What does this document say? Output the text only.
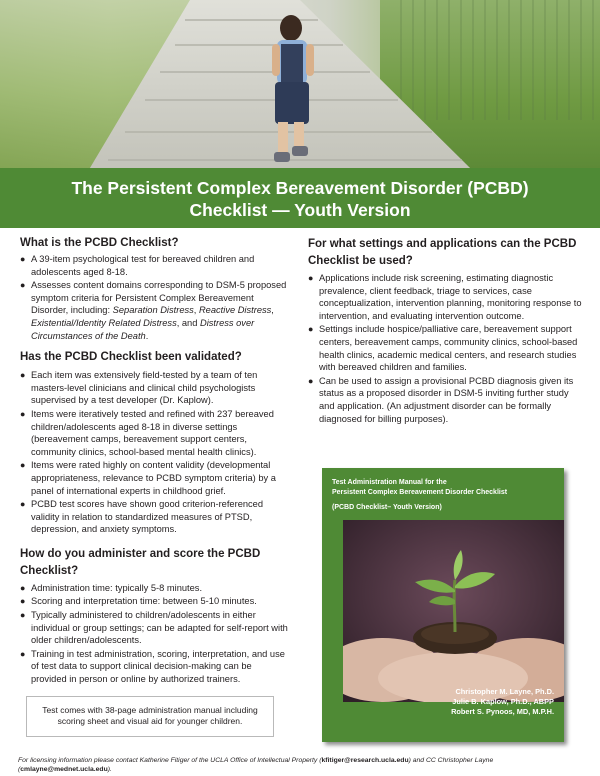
The Persistent Complex Bereavement Disorder (PCBD)
Checklist — Youth Version
What is the PCBD Checklist?
● A 39-item psychological test for bereaved children and adolescents aged 8-18.
● Assesses content domains corresponding to DSM-5 proposed symptom criteria for Persistent Complex Bereavement Disorder, including: Separation Distress, Reactive Distress, Existential/Identity Related Distress, and Distress over Circumstances of the Death.
Has the PCBD Checklist been validated?
● Each item was extensively field-tested by a team of ten masters-level clinicians and clinical child psychologists supervised by a test developer (Dr. Kaplow).
● Items were iteratively tested and refined with 237 bereaved children/adolescents aged 8-18 in diverse settings (bereavement camps, bereavement support centers, community clinics, school-based mental health clinics).
● Items were rated highly on content validity (developmental appropriateness, relevance to PCBD symptom criteria) by a panel of international experts in childhood grief.
● PCBD test scores have shown good criterion-referenced validity in relation to standardized measures of PTSD, depression, and anxiety symptoms.
How do you administer and score the PCBD Checklist?
● Administration time: typically 5-8 minutes.
● Scoring and interpretation time: between 5-10 minutes.
● Typically administered to children/adolescents in either individual or group settings; can be adapted for self-report with older children/adolescents.
● Training in test administration, scoring, interpretation, and use of test data to support clinical decision-making can be provided in person or online by authorized trainers.
Test comes with 38-page administration manual including scoring sheet and visual aid for younger children.
For what settings and applications can the PCBD Checklist be used?
● Applications include risk screening, estimating diagnostic prevalence, client feedback, triage to services, case conceptualization, intervention planning, monitoring response to intervention, and evaluating intervention outcome.
● Settings include hospice/palliative care, bereavement support centers, bereavement camps, community clinics, school-based health clinics, academic medical centers, and research studies with bereaved children and families.
● Can be used to assign a provisional PCBD diagnosis given its status as a proposed disorder in DSM-5 inviting further study and application. (An adjustment disorder can be formally diagnosed for billing purposes).
Test Administration Manual for the
Persistent Complex Bereavement Disorder Checklist
(PCBD Checklist– Youth Version)
Christopher M. Layne, Ph.D.
Julie B. Kaplow, Ph.D., ABPP
Robert S. Pynoos, MD, M.P.H.
For licensing information please contact Katherine Fitiger of the UCLA Office of Intellectual Property (kfitiger@research.ucla.edu) and CC Christopher Layne (cmlayne@mednet.ucla.edu).
